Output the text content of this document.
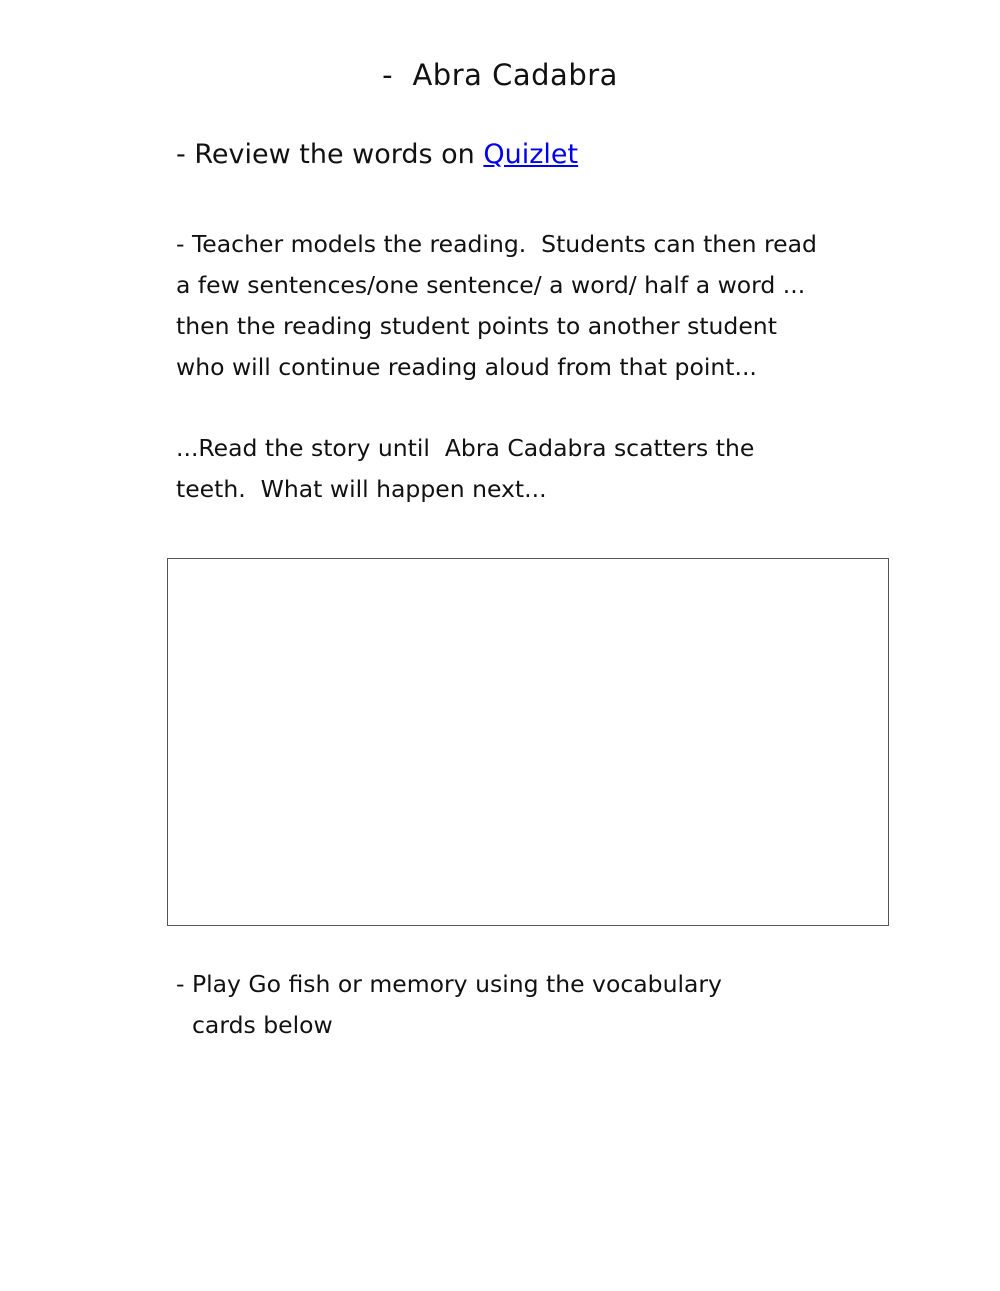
-  Abra Cadabra
- Review the words on Quizlet
- Teacher models the reading.  Students can then read
a few sentences/one sentence/ a word/ half a word ...
then the reading student points to another student
who will continue reading aloud from that point...
...Read the story until  Abra Cadabra scatters the
teeth.  What will happen next...
- Play Go fish or memory using the vocabulary
cards below
